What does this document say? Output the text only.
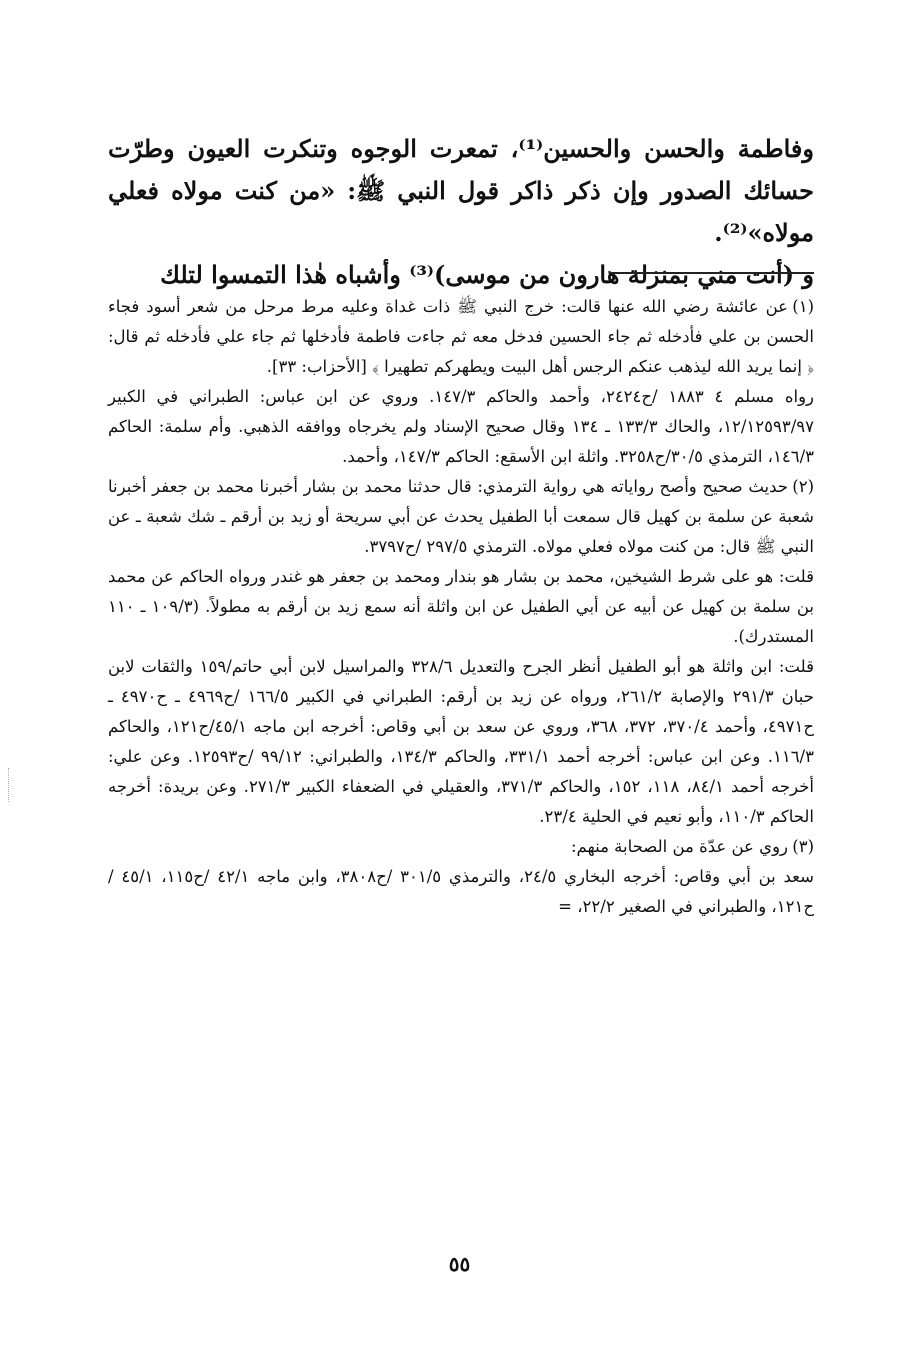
وفاطمة والحسن والحسين⁽¹⁾، تمعرت الوجوه وتنكرت العيون وطرّت حسائك الصدور وإن ذكر ذاكر قول النبي ﷺ: «من كنت مولاه فعلي مولاه»⁽²⁾.

و (أنت مني بمنزلة هارون من موسى)⁽³⁾ وأشباه هٰذا التمسوا لتلك

(١)عن عائشة رضي الله عنها قالت: خرج النبي ﷺ ذات غداة وعليه مرط مرحل من شعر أسود فجاء الحسن بن علي فأدخله ثم جاء الحسين فدخل معه ثم جاءت فاطمة فأدخلها ثم جاء علي فأدخله ثم قال: ﴿ إنما يريد الله ليذهب عنكم الرجس أهل البيت ويطهركم تطهيرا ﴾ [الأحزاب: ٣٣].

رواه مسلم ٤ ١٨٨٣ /ح٢٤٢٤، وأحمد والحاكم ١٤٧/٣. وروي عن ابن عباس: الطبراني في الكبير ١٢/١٢٥٩٣/٩٧، والحاك ١٣٣/٣ ـ ١٣٤ وقال صحيح الإسناد ولم يخرجاه ووافقه الذهبي. وأم سلمة: الحاكم ١٤٦/٣، الترمذي ٣٠/٥/ح٣٢٥٨. واثلة ابن الأسقع: الحاكم ١٤٧/٣، وأحمد.

(٢)حديث صحيح وأصح رواياته هي رواية الترمذي: قال حدثنا محمد بن بشار أخبرنا محمد بن جعفر أخبرنا شعبة عن سلمة بن كهيل قال سمعت أبا الطفيل يحدث عن أبي سريحة أو زيد بن أرقم ـ شك شعبة ـ عن النبي ﷺ قال: من كنت مولاه فعلي مولاه. الترمذي ٢٩٧/٥ /ح٣٧٩٧.

قلت: هو على شرط الشيخين، محمد بن بشار هو بندار ومحمد بن جعفر هو غندر ورواه الحاكم عن محمد بن سلمة بن كهيل عن أبيه عن أبي الطفيل عن ابن واثلة أنه سمع زيد بن أرقم به مطولاً. (١٠٩/٣ ـ ١١٠ المستدرك).

قلت: ابن واثلة هو أبو الطفيل أنظر الجرح والتعديل ٣٢٨/٦ والمراسيل لابن أبي حاتم/١٥٩ والثقات لابن حبان ٢٩١/٣ والإصابة ٢٦١/٢، ورواه عن زيد بن أرقم: الطبراني في الكبير ١٦٦/٥ /ح٤٩٦٩ ـ ح٤٩٧٠ ـ ح٤٩٧١، وأحمد ٣٧٠/٤، ٣٧٢، ٣٦٨، وروي عن سعد بن أبي وقاص: أخرجه ابن ماجه ٤٥/١/ح١٢١، والحاكم ١١٦/٣. وعن ابن عباس: أخرجه أحمد ٣٣١/١، والحاكم ١٣٤/٣، والطبراني: ٩٩/١٢ /ح١٢٥٩٣. وعن علي: أخرجه أحمد ٨٤/١، ١١٨، ١٥٢، والحاكم ٣٧١/٣، والعقيلي في الضعفاء الكبير ٢٧١/٣. وعن بريدة: أخرجه الحاكم ١١٠/٣، وأبو نعيم في الحلية ٢٣/٤.

(٣)روي عن عدّة من الصحابة منهم:

سعد بن أبي وقاص: أخرجه البخاري ٢٤/٥، والترمذي ٣٠١/٥ /ح٣٨٠٨، وابن ماجه ٤٢/١ /ح١١٥، ٤٥/١ /ح١٢١، والطبراني في الصغير ٢٢/٢، =

٥٥
